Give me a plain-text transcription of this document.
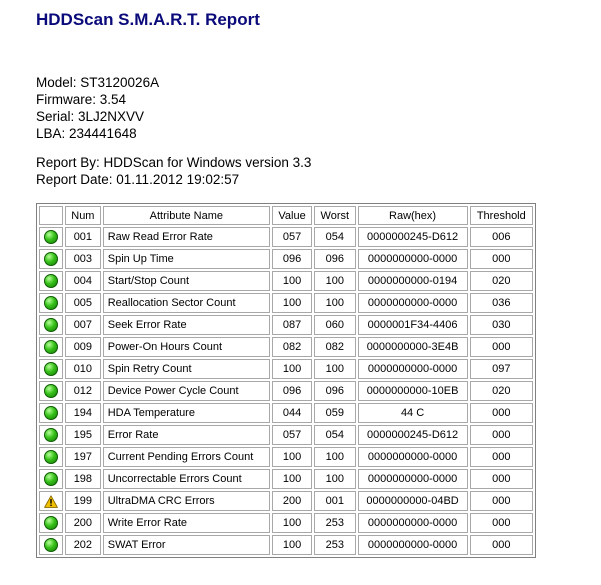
HDDScan S.M.A.R.T. Report
Model: ST3120026A
Firmware: 3.54
Serial: 3LJ2NXVV
LBA: 234441648
Report By: HDDScan for Windows version 3.3
Report Date: 01.11.2012 19:02:57
	Num	Attribute Name	Value	Worst	Raw(hex)	Threshold
	001	Raw Read Error Rate	057	054	0000000245-D612	006
	003	Spin Up Time	096	096	0000000000-0000	000
	004	Start/Stop Count	100	100	0000000000-0194	020
	005	Reallocation Sector Count	100	100	0000000000-0000	036
	007	Seek Error Rate	087	060	0000001F34-4406	030
	009	Power-On Hours Count	082	082	0000000000-3E4B	000
	010	Spin Retry Count	100	100	0000000000-0000	097
	012	Device Power Cycle Count	096	096	0000000000-10EB	020
	194	HDA Temperature	044	059	44 C	000
	195	Error Rate	057	054	0000000245-D612	000
	197	Current Pending Errors Count	100	100	0000000000-0000	000
	198	Uncorrectable Errors Count	100	100	0000000000-0000	000
	199	UltraDMA CRC Errors	200	001	0000000000-04BD	000
	200	Write Error Rate	100	253	0000000000-0000	000
	202	SWAT Error	100	253	0000000000-0000	000
